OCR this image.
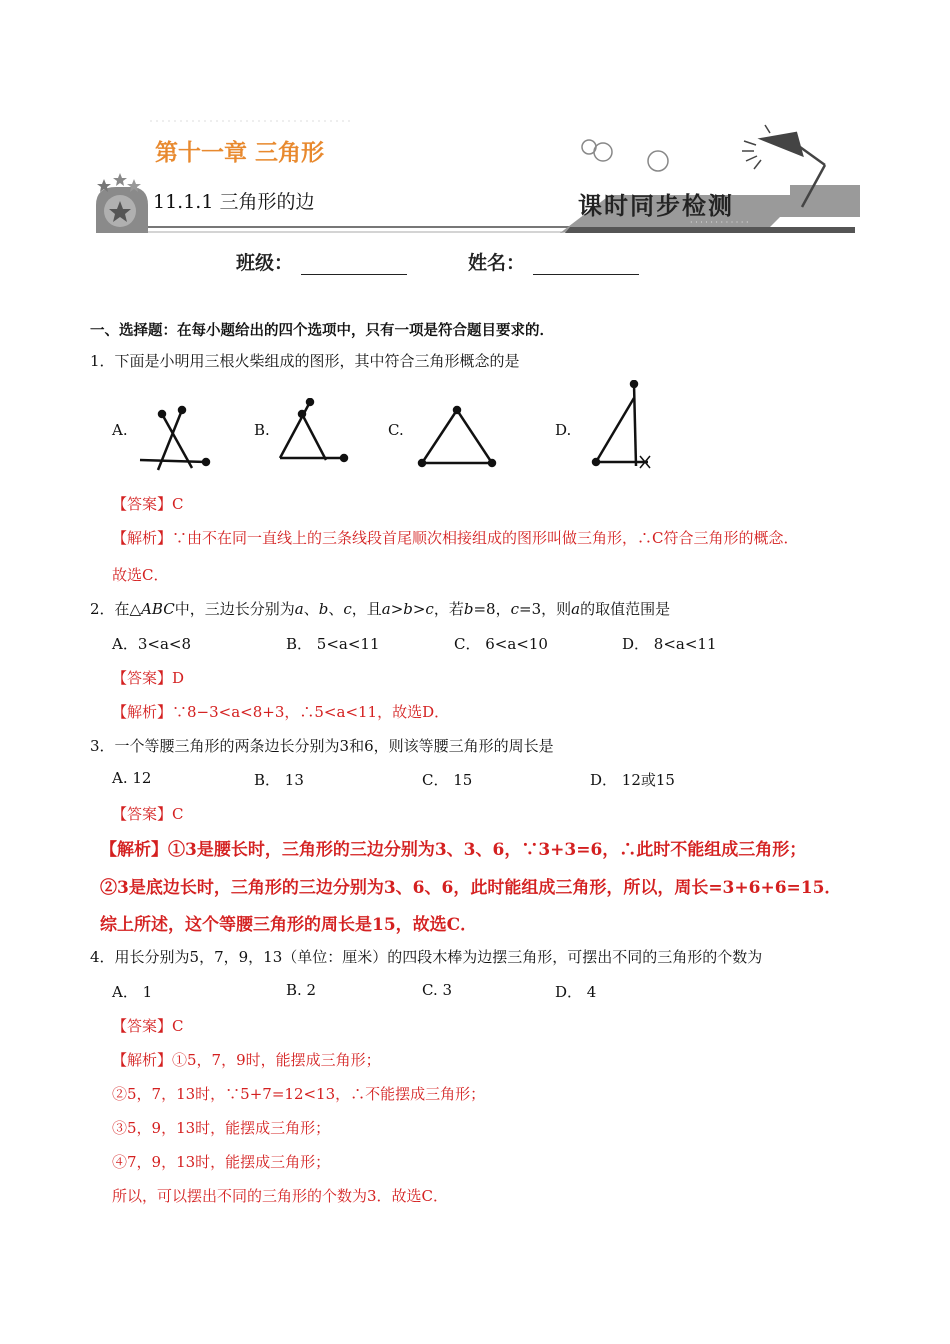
· · · · · · · · · · · ·
第十一章 三角形
11.1.1 三角形的边	课时同步检测
班级：	姓名：
一、选择题：在每小题给出的四个选项中，只有一项是符合题目要求的．
1．下面是小明用三根火柴组成的图形，其中符合三角形概念的是
A.	B.	C.	D.
【答案】C
【解析】∵由不在同一直线上的三条线段首尾顺次相接组成的图形叫做三角形，∴C符合三角形的概念．
故选C．
2．在△ABC中，三边长分别为a、b、c，且a>b>c，若b=8，c=3，则a的取值范围是
A．3<a<8	B． 5<a<11	C． 6<a<10	D． 8<a<11
【答案】D
【解析】∵8−3<a<8+3，∴5<a<11，故选D．
3．一个等腰三角形的两条边长分别为3和6，则该等腰三角形的周长是
A. 12	B． 13	C． 15	D． 12或15
【答案】C
【解析】①3是腰长时，三角形的三边分别为3、3、6，∵3+3=6，∴此时不能组成三角形；
②3是底边长时，三角形的三边分别为3、6、6，此时能组成三角形，所以，周长=3+6+6=15．
综上所述，这个等腰三角形的周长是15，故选C．
4．用长分别为5，7，9，13（单位：厘米）的四段木棒为边摆三角形，可摆出不同的三角形的个数为
A． 1	B. 2	C. 3	D． 4
【答案】C
【解析】①5，7，9时，能摆成三角形；
②5，7，13时，∵5+7=12<13，∴不能摆成三角形；
③5，9，13时，能摆成三角形；
④7，9，13时，能摆成三角形；
所以，可以摆出不同的三角形的个数为3．故选C．
